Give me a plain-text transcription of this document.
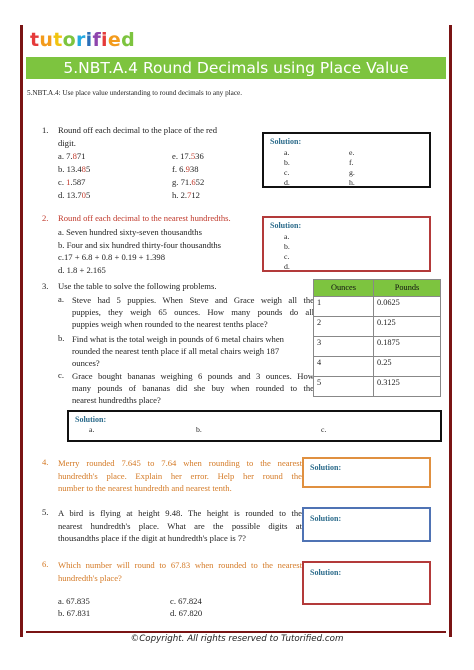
tutorified
5.NBT.A.4 Round Decimals using Place Value
5.NBT.A.4: Use place value understanding to round decimals to any place.
1. Round off each decimal to the place of the red
digit.
a. 7.871
b. 13.485
c. 1.587
d. 13.705
e. 17.536
f. 6.938
g. 71.652
h. 2.712
Solution:
a.
b.
c.
d.
e.
f.
g.
h.
2. Round off each decimal to the nearest hundredths.
a. Seven hundred sixty-seven thousandths
b. Four and six hundred thirty-four thousandths
c.17 + 6.8 + 0.8 + 0.19 + 1.398
d. 1.8 + 2.165
Solution:
a.
b.
c.
d.
3. Use the table to solve the following problems.
a. Steve had 5 puppies. When Steve and Grace weigh all the
puppies, they weigh 65 ounces. How many pounds do all
puppies weigh when rounded to the nearest tenths place?
b. Find what is the total weigh in pounds of 6 metal chairs when
rounded the nearest tenth place if all metal chairs weigh 187
ounces?
c. Grace bought bananas weighing 6 pounds and 3 ounces. How
many pounds of bananas did she buy when rounded to the
nearest hundredths place?
Ounces	Pounds
1	0.0625
2	0.125
3	0.1875
4	0.25
5	0.3125
Solution:
a.	b.	c.
4. Merry rounded 7.645 to 7.64 when rounding to the nearest
hundredth's place. Explain her error. Help her round the
number to the nearest hundredth and nearest tenth.
Solution:
5. A bird is flying at height 9.48. The height is rounded to the
nearest hundredth's place. What are the possible digits at
thousandths place if the digit at hundredth's place is 7?
Solution:
6. Which number will round to 67.83 when rounded to the nearest
hundredth's place?
a. 67.835
b. 67.831
c. 67.824
d. 67.820
Solution:
©Copyright. All rights reserved to Tutorified.com
